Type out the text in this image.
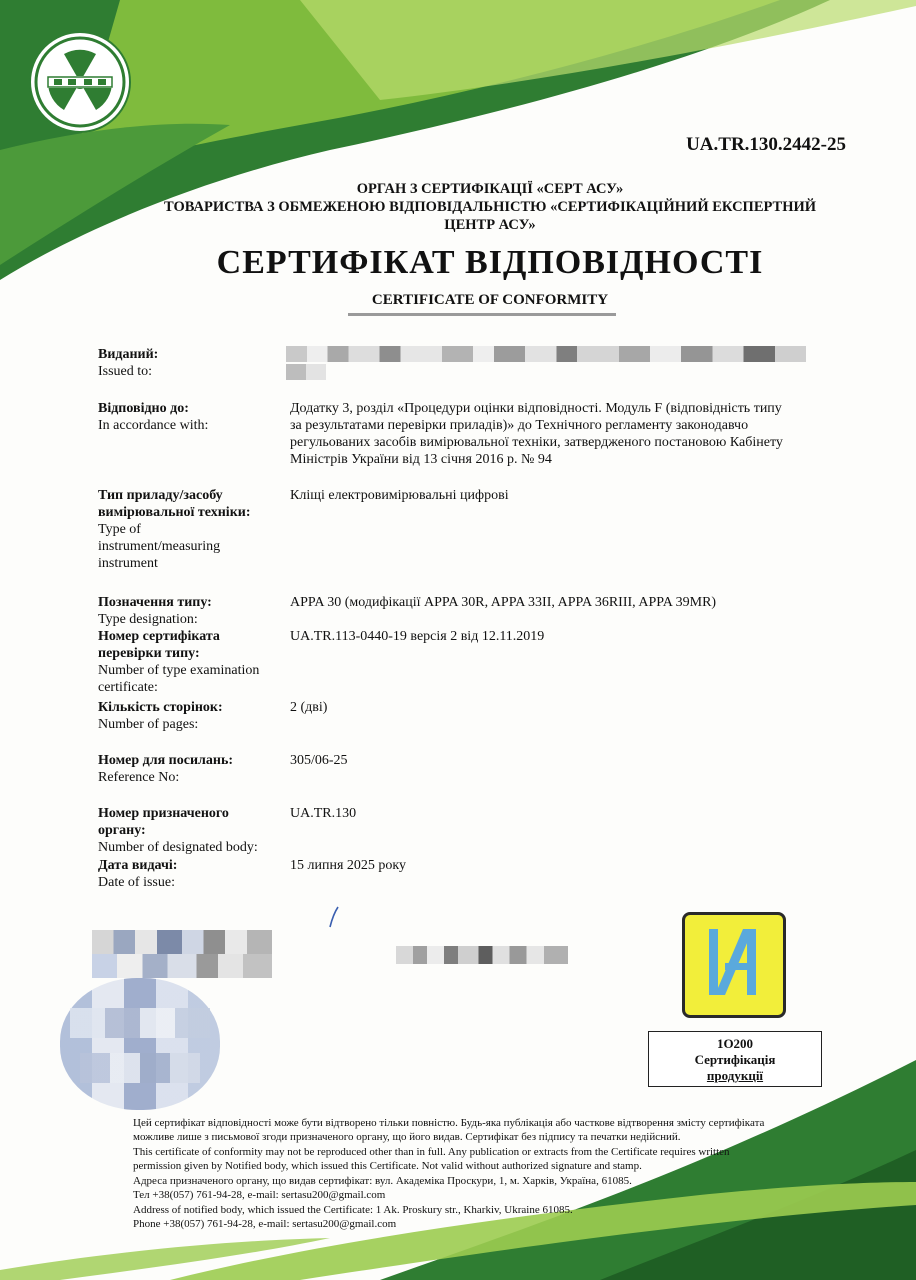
UA.TR.130.2442-25
ОРГАН З СЕРТИФІКАЦІЇ «СЕРТ АСУ»
ТОВАРИСТВА З ОБМЕЖЕНОЮ ВІДПОВІДАЛЬНІСТЮ «СЕРТИФІКАЦІЙНИЙ ЕКСПЕРТНИЙ
ЦЕНТР АСУ»
СЕРТИФІКАТ ВІДПОВІДНОСТІ
CERTIFICATE OF CONFORMITY
Виданий:
Issued to:
Відповідно до:
In accordance with:
Додатку 3, розділ «Процедури оцінки відповідності. Модуль F (відповідність типу
за результатами перевірки приладів)» до Технічного регламенту законодавчо
регульованих засобів вимірювальної техніки, затвердженого постановою Кабінету
Міністрів України від 13 січня 2016 р. № 94
Тип приладу/засобу
вимірювальної техніки:
Type of
instrument/measuring
instrument
Кліщі електровимірювальні цифрові
Позначення типу:
Type designation:
APPA 30 (модифікації APPA 30R, APPA 33II, APPA 36RIII, APPA 39MR)
Номер сертифіката
перевірки типу:
Number of type examination
certificate:
UA.TR.113-0440-19 версія 2 від 12.11.2019
Кількість сторінок:
Number of pages:
2 (дві)
Номер для посилань:
Reference No:
305/06-25
Номер призначеного
органу:
Number of designated body:
UA.TR.130
Дата видачі:
Date of issue:
15 липня 2025 року
1О200
Сертифікація
продукції
Цей сертифікат відповідності може бути відтворено тільки повністю. Будь-яка публікація або часткове відтворення змісту сертифіката
можливе лише з письмової згоди призначеного органу, що його видав. Сертифікат без підпису та печатки недійсний.
This certificate of conformity may not be reproduced other than in full. Any publication or extracts from the Certificate requires written
permission given by Notified body, which issued this Certificate. Not valid without authorized signature and stamp.
Адреса призначеного органу, що видав сертифікат: вул. Академіка Проскури, 1, м. Харків, Україна, 61085.
Тел +38(057) 761-94-28, e-mail: sertasu200@gmail.com
Address of notified body, which issued the Certificate: 1 Ak. Proskury str., Kharkiv, Ukraine 61085.
Phone +38(057) 761-94-28, e-mail: sertasu200@gmail.com
